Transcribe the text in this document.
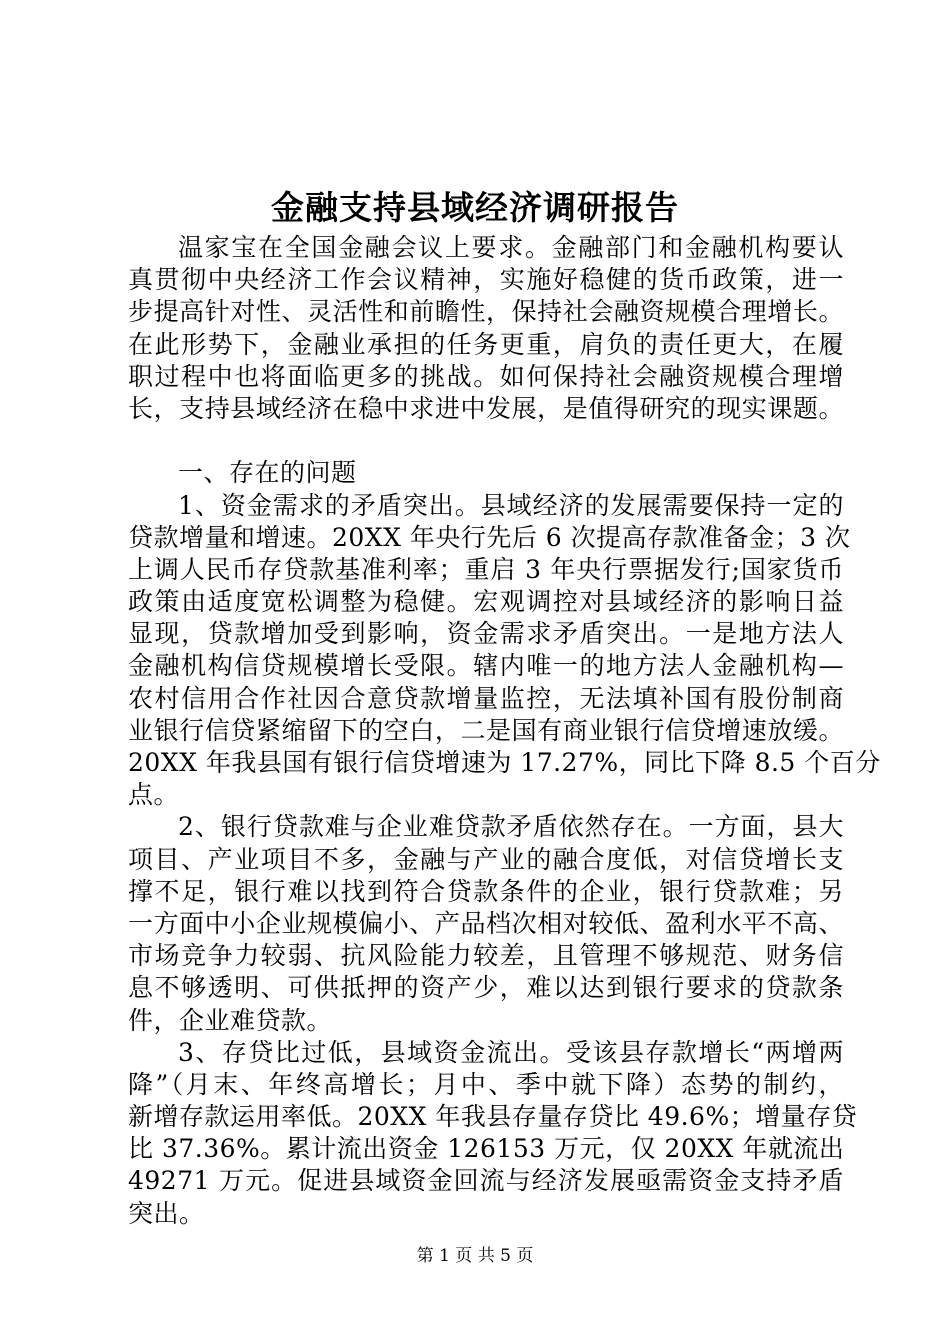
金融支持县域经济调研报告
温家宝在全国金融会议上要求。金融部门和金融机构要认
真贯彻中央经济工作会议精神，实施好稳健的货币政策，进一
步提高针对性、灵活性和前瞻性，保持社会融资规模合理增长。
在此形势下，金融业承担的任务更重，肩负的责任更大，在履
职过程中也将面临更多的挑战。如何保持社会融资规模合理增
长，支持县域经济在稳中求进中发展，是值得研究的现实课题。
一、存在的问题
1、资金需求的矛盾突出。县域经济的发展需要保持一定的
贷款增量和增速。20XX 年央行先后 6 次提高存款准备金；3 次
上调人民币存贷款基准利率；重启 3 年央行票据发行;国家货币
政策由适度宽松调整为稳健。宏观调控对县域经济的影响日益
显现，贷款增加受到影响，资金需求矛盾突出。一是地方法人
金融机构信贷规模增长受限。辖内唯一的地方法人金融机构—
农村信用合作社因合意贷款增量监控，无法填补国有股份制商
业银行信贷紧缩留下的空白，二是国有商业银行信贷增速放缓。
20XX 年我县国有银行信贷增速为 17.27%，同比下降 8.5 个百分
点。
2、银行贷款难与企业难贷款矛盾依然存在。一方面，县大
项目、产业项目不多，金融与产业的融合度低，对信贷增长支
撑不足，银行难以找到符合贷款条件的企业，银行贷款难；另
一方面中小企业规模偏小、产品档次相对较低、盈利水平不高、
市场竞争力较弱、抗风险能力较差，且管理不够规范、财务信
息不够透明、可供抵押的资产少，难以达到银行要求的贷款条
件，企业难贷款。
3、存贷比过低，县域资金流出。受该县存款增长“两增两
降”（月末、年终高增长；月中、季中就下降）态势的制约，
新增存款运用率低。20XX 年我县存量存贷比 49.6%；增量存贷
比 37.36%。累计流出资金 126153 万元，仅 20XX 年就流出
49271 万元。促进县域资金回流与经济发展亟需资金支持矛盾
突出。
第 1 页 共 5 页
